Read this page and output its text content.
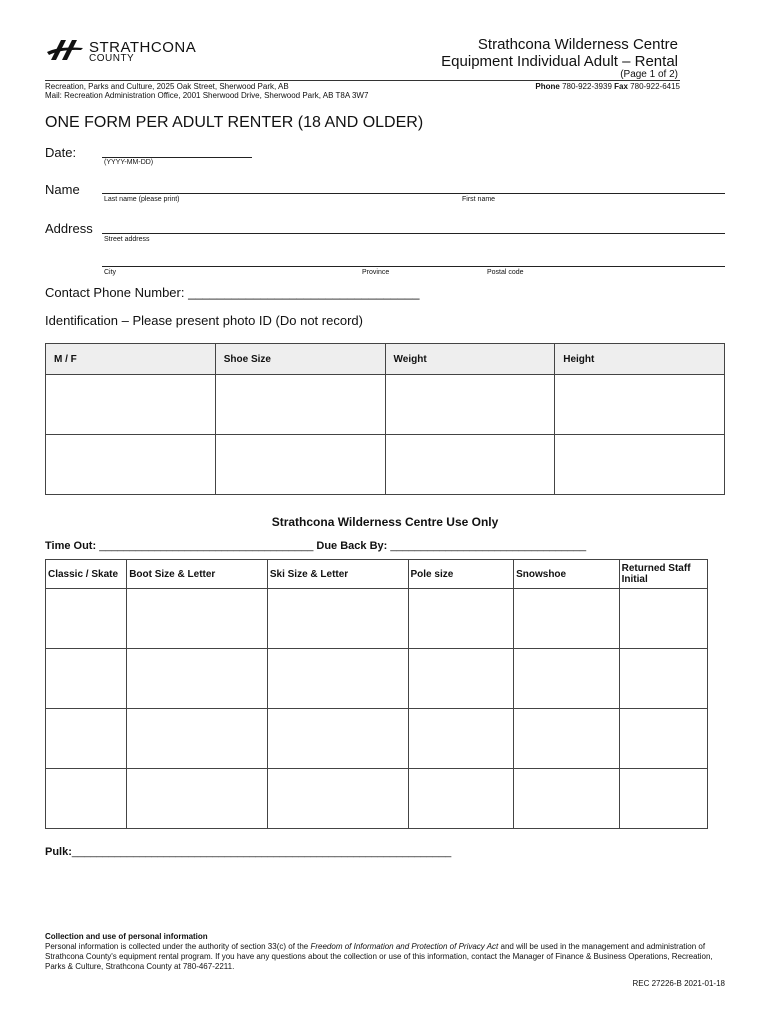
STRATHCONA
COUNTY
Strathcona Wilderness Centre
Equipment Individual Adult – Rental
(Page 1 of 2)
Recreation, Parks and Culture, 2025 Oak Street, Sherwood Park, AB
Mail: Recreation Administration Office, 2001 Sherwood Drive, Sherwood Park, AB T8A 3W7
Phone 780-922-3939 Fax 780-922-6415
ONE FORM PER ADULT RENTER (18 AND OLDER)
Date:
(YYYY-MM-DD)
Name
Last name (please print)	First name
Address
Street address
City	Province	Postal code
Contact Phone Number: ________________________________
Identification – Please present photo ID (Do not record)
M / F	Shoe Size	Weight	Height

Strathcona Wilderness Centre Use Only
Time Out: ___________________________________ Due Back By: ________________________________
Classic / Skate	Boot Size & Letter	Ski Size & Letter	Pole size	Snowshoe	Returned Staff Initial

Pulk:______________________________________________________________
Collection and use of personal information
Personal information is collected under the authority of section 33(c) of the Freedom of Information and Protection of Privacy Act and will be used in the management and administration of Strathcona County's equipment rental program. If you have any questions about the collection or use of this information, contact the Manager of Finance & Business Operations, Recreation, Parks & Culture, Strathcona County at 780-467-2211.
REC 27226-B 2021-01-18
